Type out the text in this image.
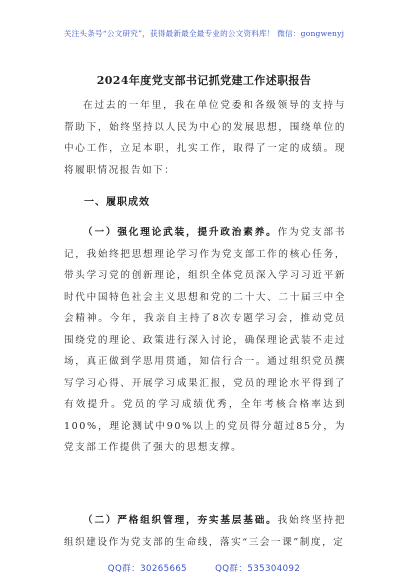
关注头条号“公文研究”，获得最新最全最专业的公文资料库！ 微信：gongwenyj
2024年度党支部书记抓党建工作述职报告
在过去的一年里，我在单位党委和各级领导的支持与帮助下，始终坚持以人民为中心的发展思想，围绕单位的中心工作，立足本职，扎实工作，取得了一定的成绩。现将履职情况报告如下：
一、履职成效
（一）强化理论武装，提升政治素养。作为党支部书记，我始终把思想理论学习作为党支部工作的核心任务，带头学习党的创新理论，组织全体党员深入学习习近平新时代中国特色社会主义思想和党的二十大、二十届三中全会精神。今年，我亲自主持了8次专题学习会，推动党员围绕党的理论、政策进行深入讨论，确保理论武装不走过场，真正做到学思用贯通，知信行合一。通过组织党员撰写学习心得、开展学习成果汇报，党员的理论水平得到了有效提升。党员的学习成绩优秀，全年考核合格率达到100%，理论测试中90%以上的党员得分超过85分，为党支部工作提供了强大的思想支撑。
（二）严格组织管理，夯实基层基础。我始终坚持把组织建设作为党支部的生命线，落实“三会一课”制度，定
QQ群：30265665	QQ群：535304092
